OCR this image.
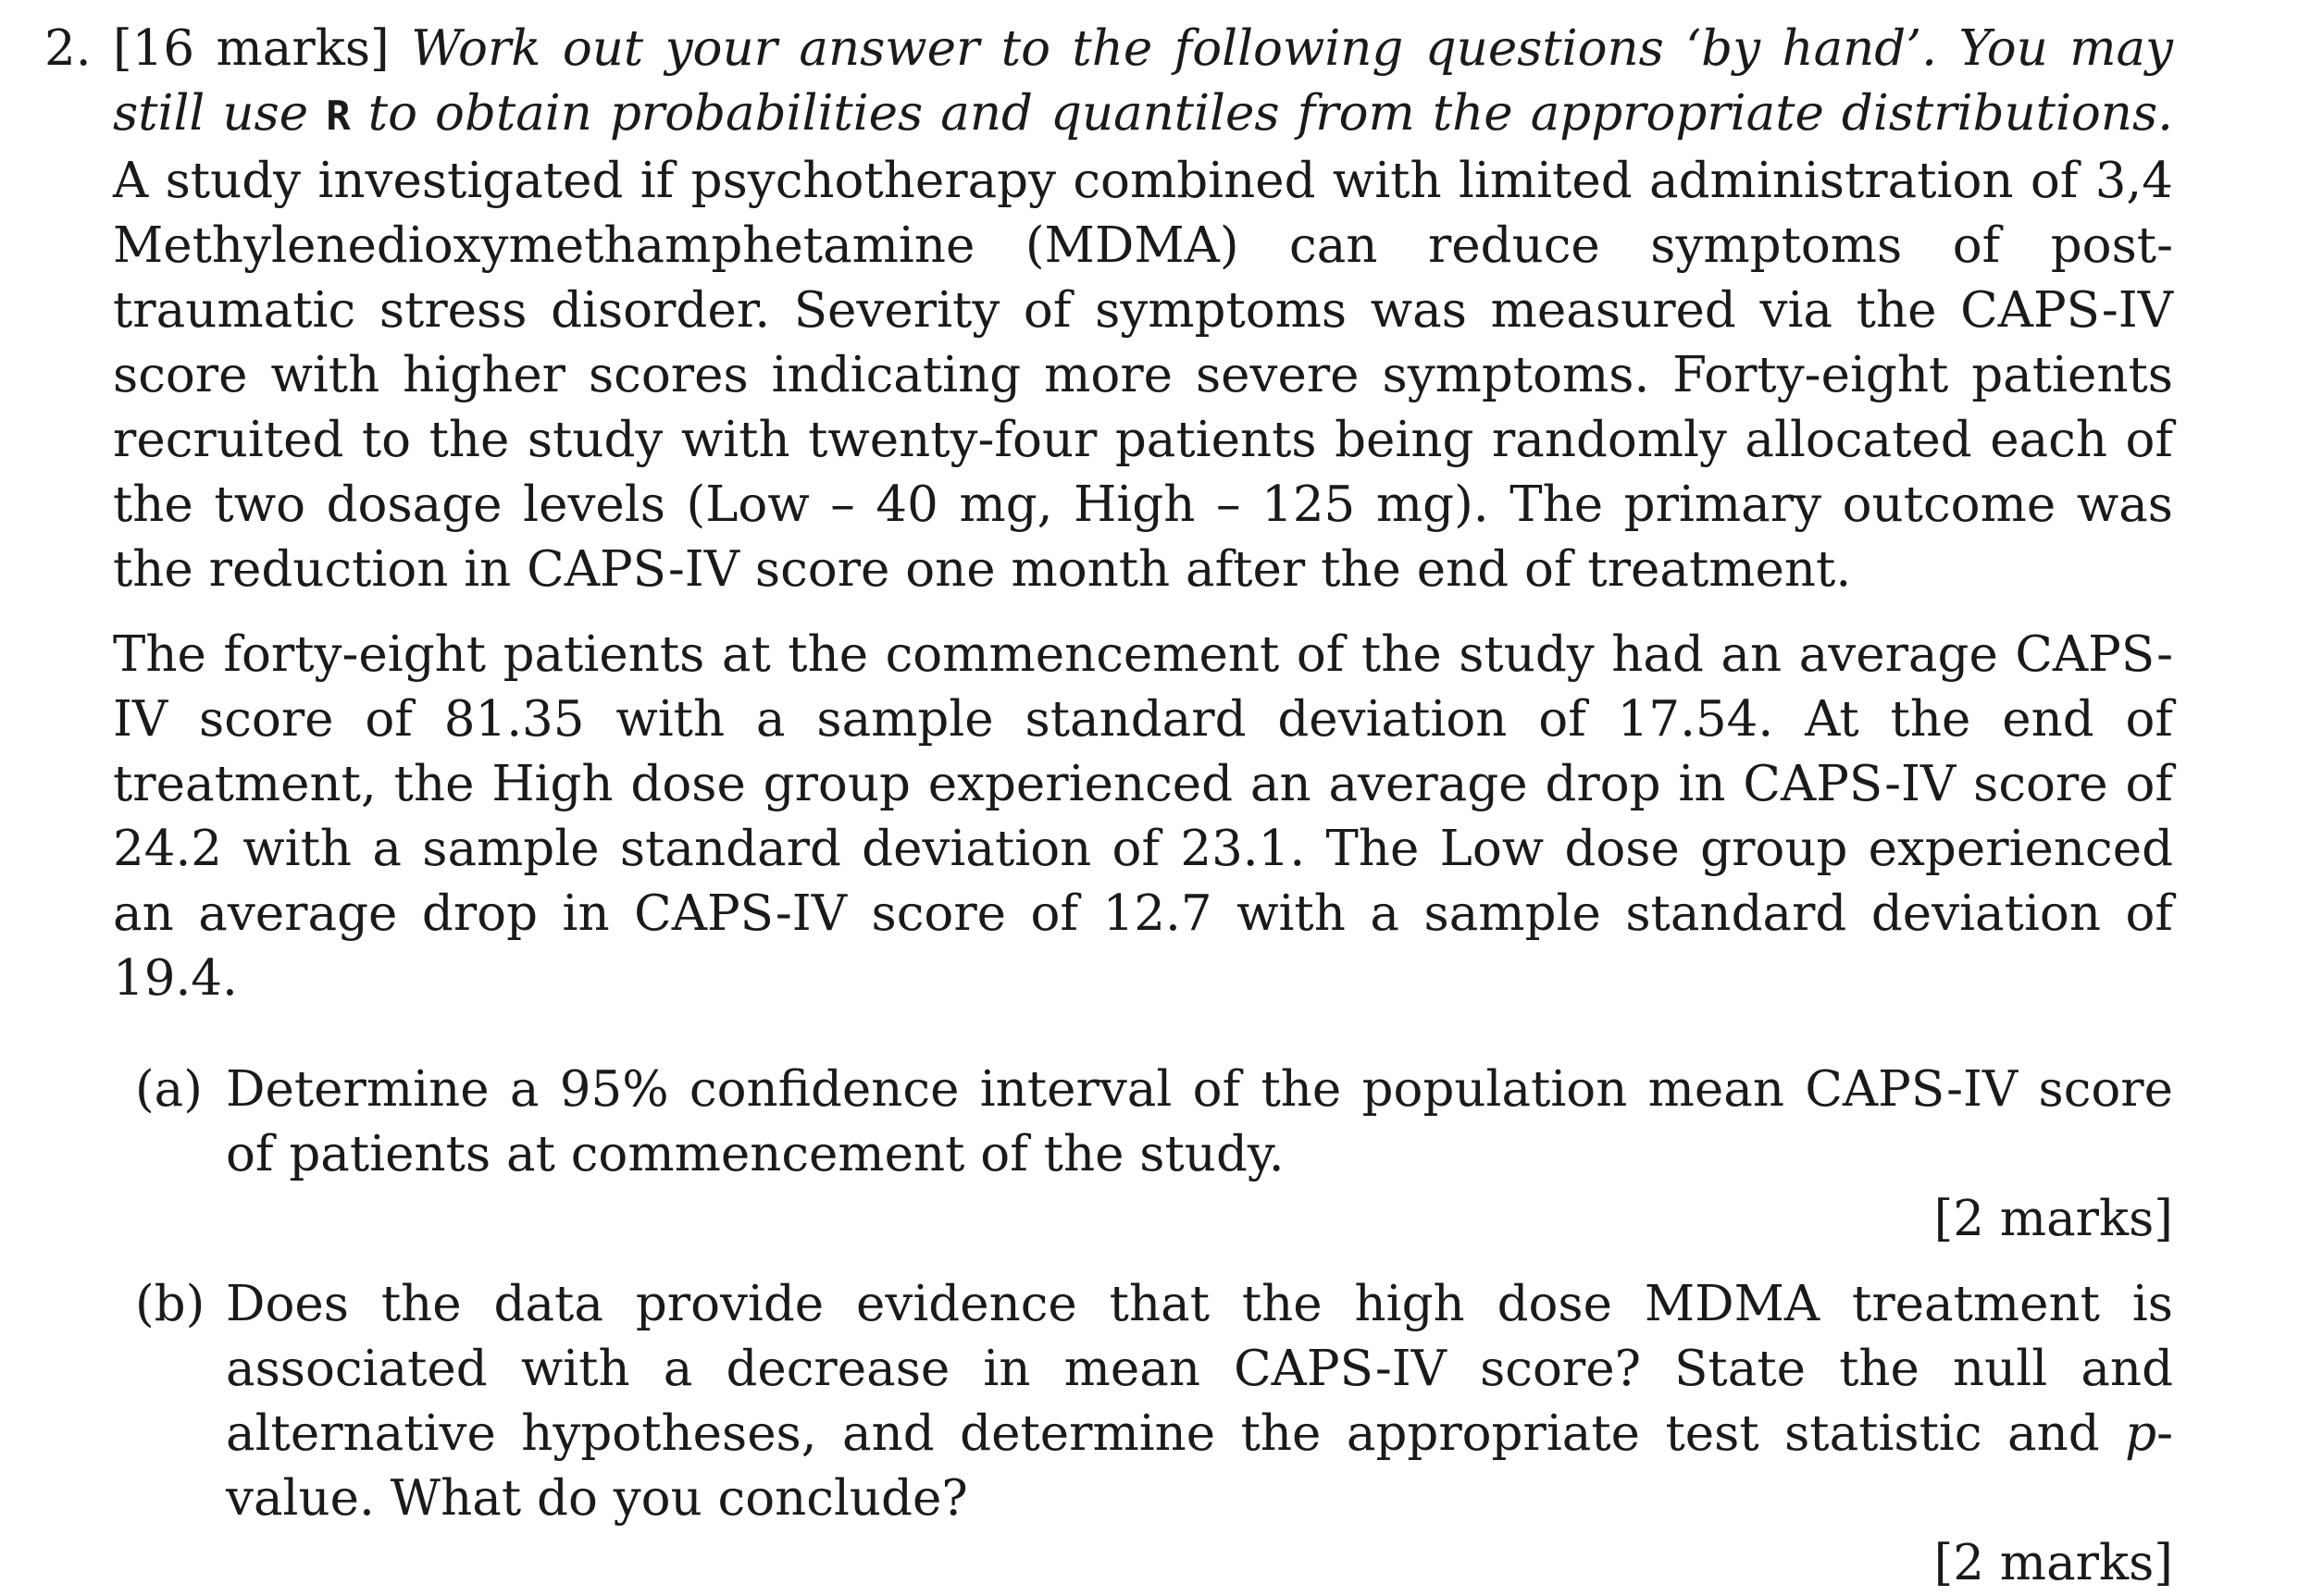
2. [16 marks] Work out your answer to the following questions ‘by hand’. You may still use R to obtain probabilities and quantiles from the appropriate distributions. A study investigated if psychotherapy combined with limited administration of 3,4 Methylenedioxymethamphetamine (MDMA) can reduce symptoms of post-traumatic stress disorder. Severity of symptoms was measured via the CAPS-IV score with higher scores indicating more severe symptoms. Forty-eight patients recruited to the study with twenty-four patients being randomly allocated each of the two dosage levels (Low – 40 mg, High – 125 mg). The primary outcome was the reduction in CAPS-IV score one month after the end of treatment.

The forty-eight patients at the commencement of the study had an average CAPS-IV score of 81.35 with a sample standard deviation of 17.54. At the end of treatment, the High dose group experienced an average drop in CAPS-IV score of 24.2 with a sample standard deviation of 23.1. The Low dose group experienced an average drop in CAPS-IV score of 12.7 with a sample standard deviation of 19.4.

(a) Determine a 95% confidence interval of the population mean CAPS-IV score of patients at commencement of the study.
[2 marks]
(b) Does the data provide evidence that the high dose MDMA treatment is associated with a decrease in mean CAPS-IV score? State the null and alternative hypotheses, and determine the appropriate test statistic and p-value. What do you conclude?
[2 marks]
